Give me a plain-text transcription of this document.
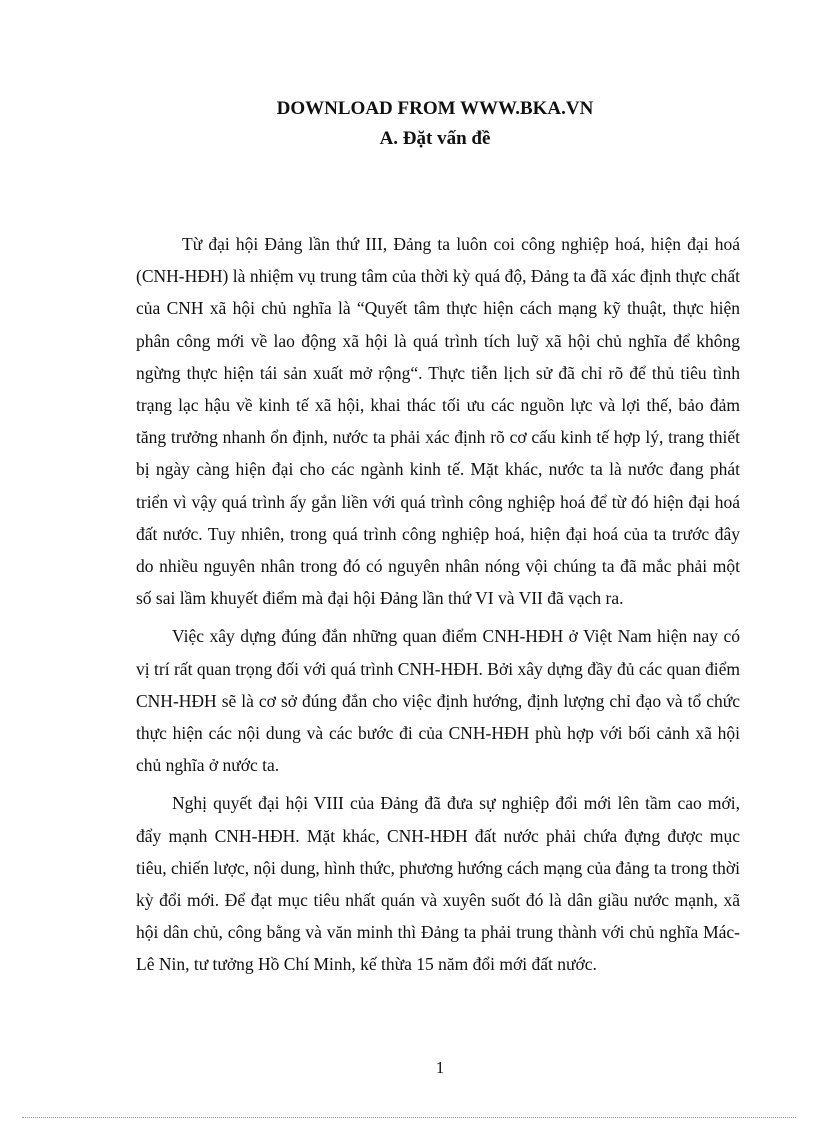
DOWNLOAD FROM WWW.BKA.VN
A. Đặt vấn đề

Từ đại hội Đảng lần thứ III, Đảng ta luôn coi công nghiệp hoá, hiện đại hoá (CNH-HĐH) là nhiệm vụ trung tâm của thời kỳ quá độ, Đảng ta đã xác định thực chất của CNH xã hội chủ nghĩa là “Quyết tâm thực hiện cách mạng kỹ thuật, thực hiện phân công mới về lao động xã hội là quá trình tích luỹ xã hội chủ nghĩa để không ngừng thực hiện tái sản xuất mở rộng“. Thực tiễn lịch sử đã chỉ rõ để thủ tiêu tình trạng lạc hậu về kinh tế xã hội, khai thác tối ưu các nguồn lực và lợi thế, bảo đảm tăng trưởng nhanh ổn định, nước ta phải xác định rõ cơ cấu kinh tế hợp lý, trang thiết bị ngày càng hiện đại cho các ngành kinh tế. Mặt khác, nước ta là nước đang phát triển vì vậy quá trình ấy gắn liền với quá trình công nghiệp hoá để từ đó hiện đại hoá đất nước. Tuy nhiên, trong quá trình công nghiệp hoá, hiện đại hoá của ta trước đây do nhiều nguyên nhân trong đó có nguyên nhân nóng vội chúng ta đã mắc phải một số sai lầm khuyết điểm mà đại hội Đảng lần thứ VI và VII đã vạch ra.

Việc xây dựng đúng đắn những quan điểm CNH-HĐH ở Việt Nam hiện nay có vị trí rất quan trọng đối với quá trình CNH-HĐH. Bởi xây dựng đầy đủ các quan điểm CNH-HĐH sẽ là cơ sở đúng đắn cho việc định hướng, định lượng chỉ đạo và tổ chức thực hiện các nội dung và các bước đi của CNH-HĐH phù hợp với bối cảnh xã hội chủ nghĩa ở nước ta.

Nghị quyết đại hội VIII của Đảng đã đưa sự nghiệp đổi mới lên tầm cao mới, đẩy mạnh CNH-HĐH. Mặt khác, CNH-HĐH đất nước phải chứa đựng được mục tiêu, chiến lược, nội dung, hình thức, phương hướng cách mạng của đảng ta trong thời kỳ đổi mới. Để đạt mục tiêu nhất quán và xuyên suốt đó là dân giầu nước mạnh, xã hội dân chủ, công bằng và văn minh thì Đảng ta phải trung thành với chủ nghĩa Mác-Lê Nin, tư tưởng Hồ Chí Minh, kế thừa 15 năm đổi mới đất nước.

1
